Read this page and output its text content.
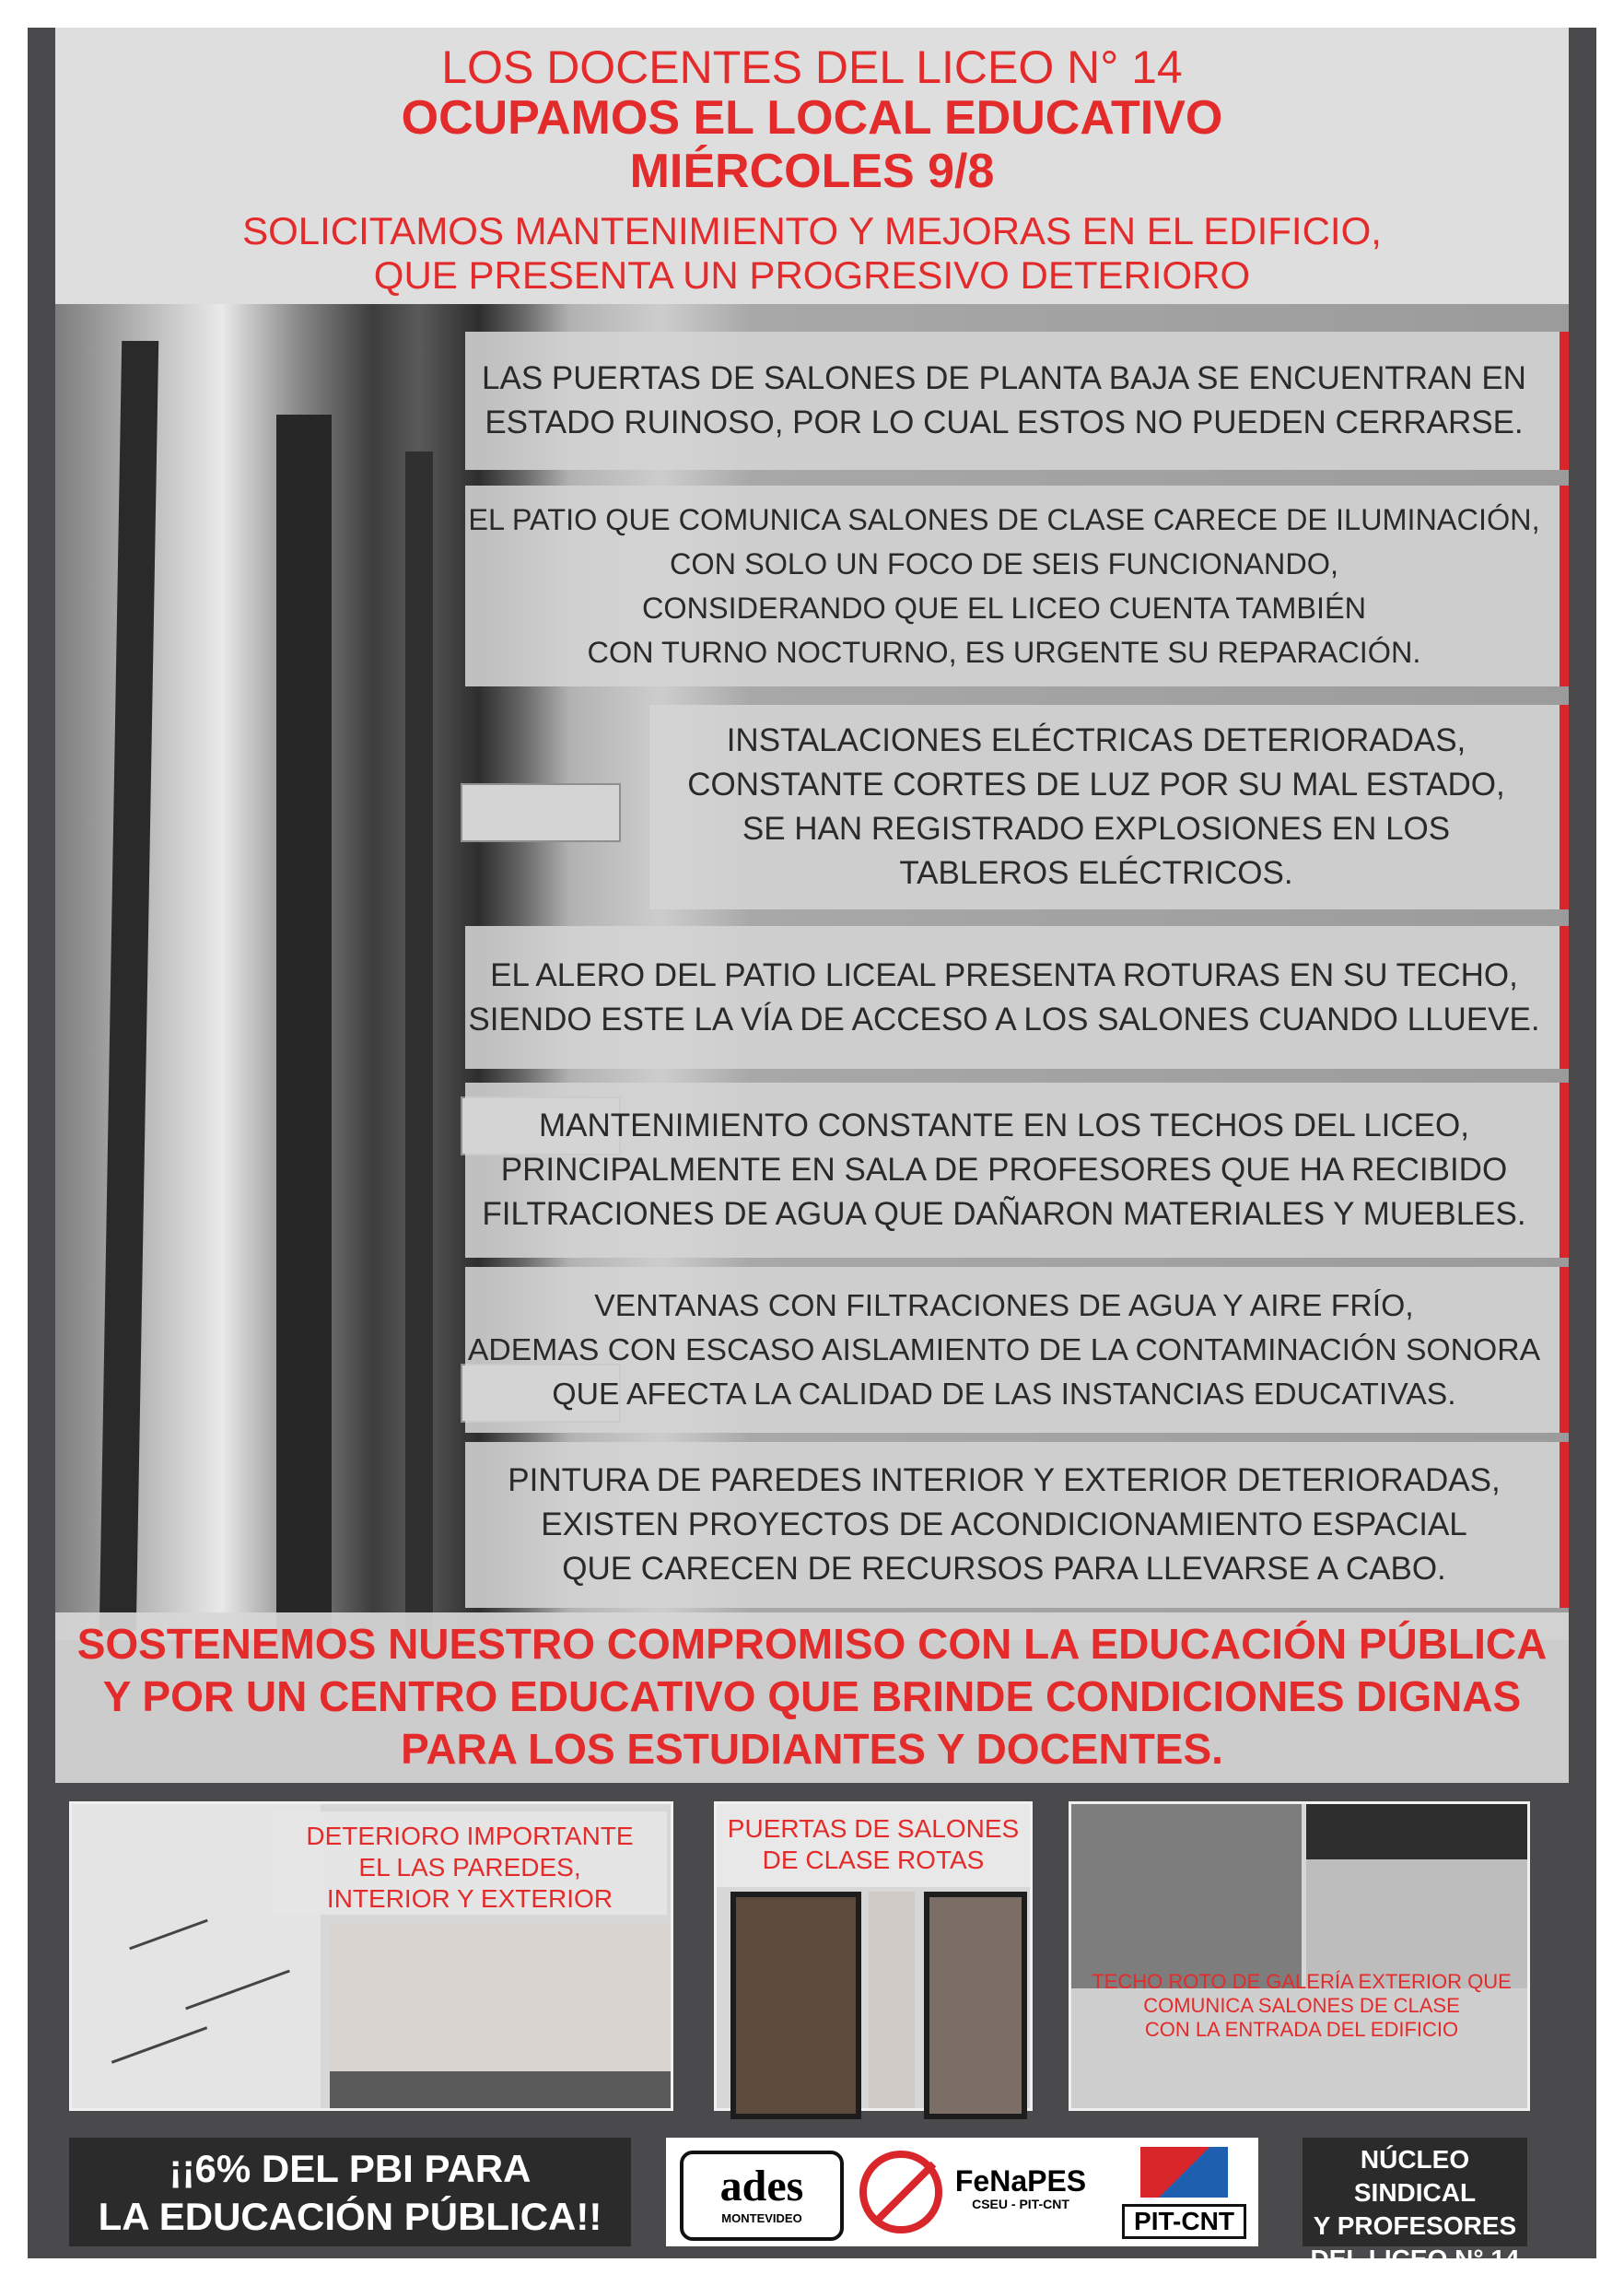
LOS DOCENTES DEL LICEO N° 14
OCUPAMOS EL LOCAL EDUCATIVO
MIÉRCOLES 9/8
SOLICITAMOS MANTENIMIENTO Y MEJORAS EN EL EDIFICIO,
QUE PRESENTA UN PROGRESIVO DETERIORO
LAS PUERTAS DE SALONES DE PLANTA BAJA SE ENCUENTRAN EN
ESTADO RUINOSO, POR LO CUAL ESTOS NO PUEDEN CERRARSE.
EL PATIO QUE COMUNICA SALONES DE CLASE CARECE DE ILUMINACIÓN,
CON SOLO UN FOCO DE SEIS FUNCIONANDO,
CONSIDERANDO QUE EL LICEO CUENTA TAMBIÉN
CON TURNO NOCTURNO, ES URGENTE SU REPARACIÓN.
INSTALACIONES ELÉCTRICAS DETERIORADAS,
CONSTANTE CORTES DE LUZ POR SU MAL ESTADO,
SE HAN REGISTRADO EXPLOSIONES EN LOS
TABLEROS ELÉCTRICOS.
EL ALERO DEL PATIO LICEAL PRESENTA ROTURAS EN SU TECHO,
SIENDO ESTE LA VÍA DE ACCESO A LOS SALONES CUANDO LLUEVE.
MANTENIMIENTO CONSTANTE EN LOS TECHOS DEL LICEO,
PRINCIPALMENTE EN SALA DE PROFESORES QUE HA RECIBIDO
FILTRACIONES DE AGUA QUE DAÑARON MATERIALES Y MUEBLES.
VENTANAS CON FILTRACIONES DE AGUA Y AIRE FRÍO,
ADEMAS CON ESCASO AISLAMIENTO DE LA CONTAMINACIÓN SONORA
QUE AFECTA LA CALIDAD DE LAS INSTANCIAS EDUCATIVAS.
PINTURA DE PAREDES INTERIOR Y EXTERIOR DETERIORADAS,
EXISTEN PROYECTOS DE ACONDICIONAMIENTO ESPACIAL
QUE CARECEN DE RECURSOS PARA LLEVARSE A CABO.
SOSTENEMOS NUESTRO COMPROMISO CON LA EDUCACIÓN PÚBLICA
Y POR UN CENTRO EDUCATIVO QUE BRINDE CONDICIONES DIGNAS
PARA LOS ESTUDIANTES Y DOCENTES.
DETERIORO IMPORTANTE
EL LAS PAREDES,
INTERIOR Y EXTERIOR
PUERTAS DE SALONES
DE CLASE ROTAS
TECHO ROTO DE GALERÍA EXTERIOR QUE
COMUNICA SALONES DE CLASE
CON LA ENTRADA DEL EDIFICIO
¡¡6% DEL PBI PARA
LA EDUCACIÓN PÚBLICA!!
ades
MONTEVIDEO
FeNaPES
CSEU - PIT-CNT
PIT-CNT
NÚCLEO SINDICAL
Y PROFESORES
DEL LICEO N° 14
